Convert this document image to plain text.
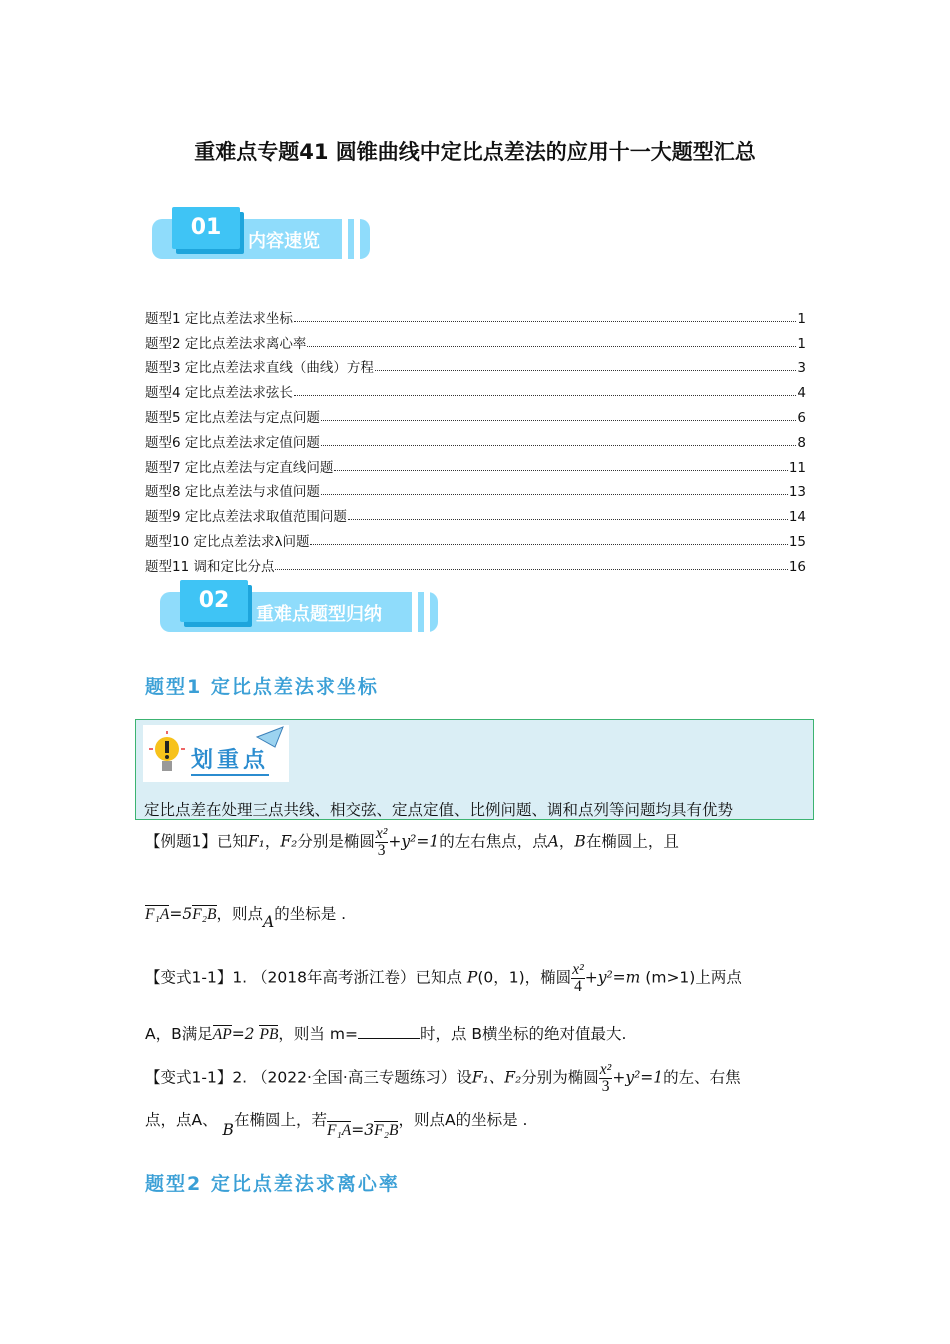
重难点专题41 圆锥曲线中定比点差法的应用十一大题型汇总
01
内容速览
题型1 定比点差法求坐标	1
题型2 定比点差法求离心率	1
题型3 定比点差法求直线（曲线）方程	3
题型4 定比点差法求弦长	4
题型5 定比点差法与定点问题	6
题型6 定比点差法求定值问题	8
题型7 定比点差法与定直线问题	11
题型8 定比点差法与求值问题	13
题型9 定比点差法求取值范围问题	14
题型10 定比点差法求λ问题	15
题型11 调和定比分点	16
02
重难点题型归纳
题型1 定比点差法求坐标
划重点
定比点差在处理三点共线、相交弦、定点定值、比例问题、调和点列等问题均具有优势
【例题1】已知F₁，F₂分别是椭圆 $\frac{\text{x²}}{3} +y^2=1$的左右焦点，点A，B在椭圆上，且
F₁A=5F₂B，则点A的坐标是 .
【变式1-1】1. （2018年高考浙江卷）已知点 P(0，1)，椭圆 $\frac{\text{x²}}{4} +y^2=m$ (m>1)上两点
A，B满足AP=2 PB，则当 m=	时，点 B横坐标的绝对值最大.
【变式1-1】2. （2022·全国·高三专题练习）设F₁、F₂分别为椭圆 $\frac{\text{x²}}{3} +y^2=1$的左、右焦
点，点A、 B在椭圆上，若F₁A=3F₂B，则点A的坐标是 .
题型2 定比点差法求离心率
